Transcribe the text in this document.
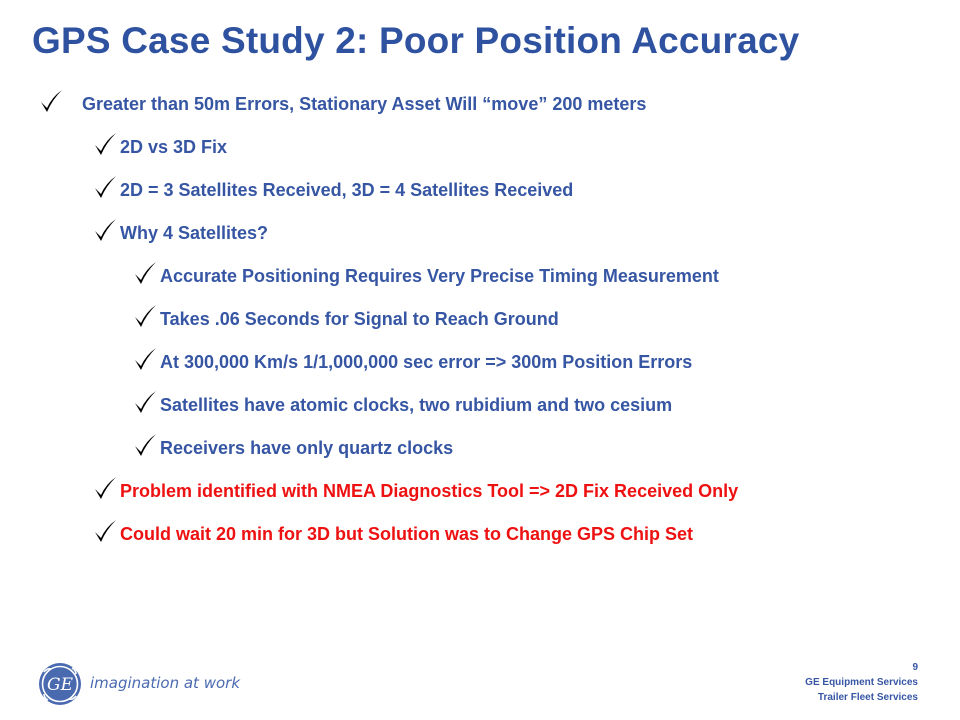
GPS Case Study 2: Poor Position Accuracy
Greater than 50m Errors, Stationary Asset Will “move” 200 meters
2D vs 3D Fix
2D = 3 Satellites Received, 3D = 4 Satellites Received
Why 4 Satellites?
Accurate Positioning Requires Very Precise Timing Measurement
Takes .06 Seconds for Signal to Reach Ground
At 300,000 Km/s 1/1,000,000 sec error => 300m Position Errors
Satellites have atomic clocks, two rubidium and two cesium
Receivers have only quartz clocks
Problem identified with NMEA Diagnostics Tool => 2D Fix Received Only
Could wait 20 min for 3D but Solution was to Change GPS Chip Set
GE imagination at work
9
GE Equipment Services
Trailer Fleet Services
